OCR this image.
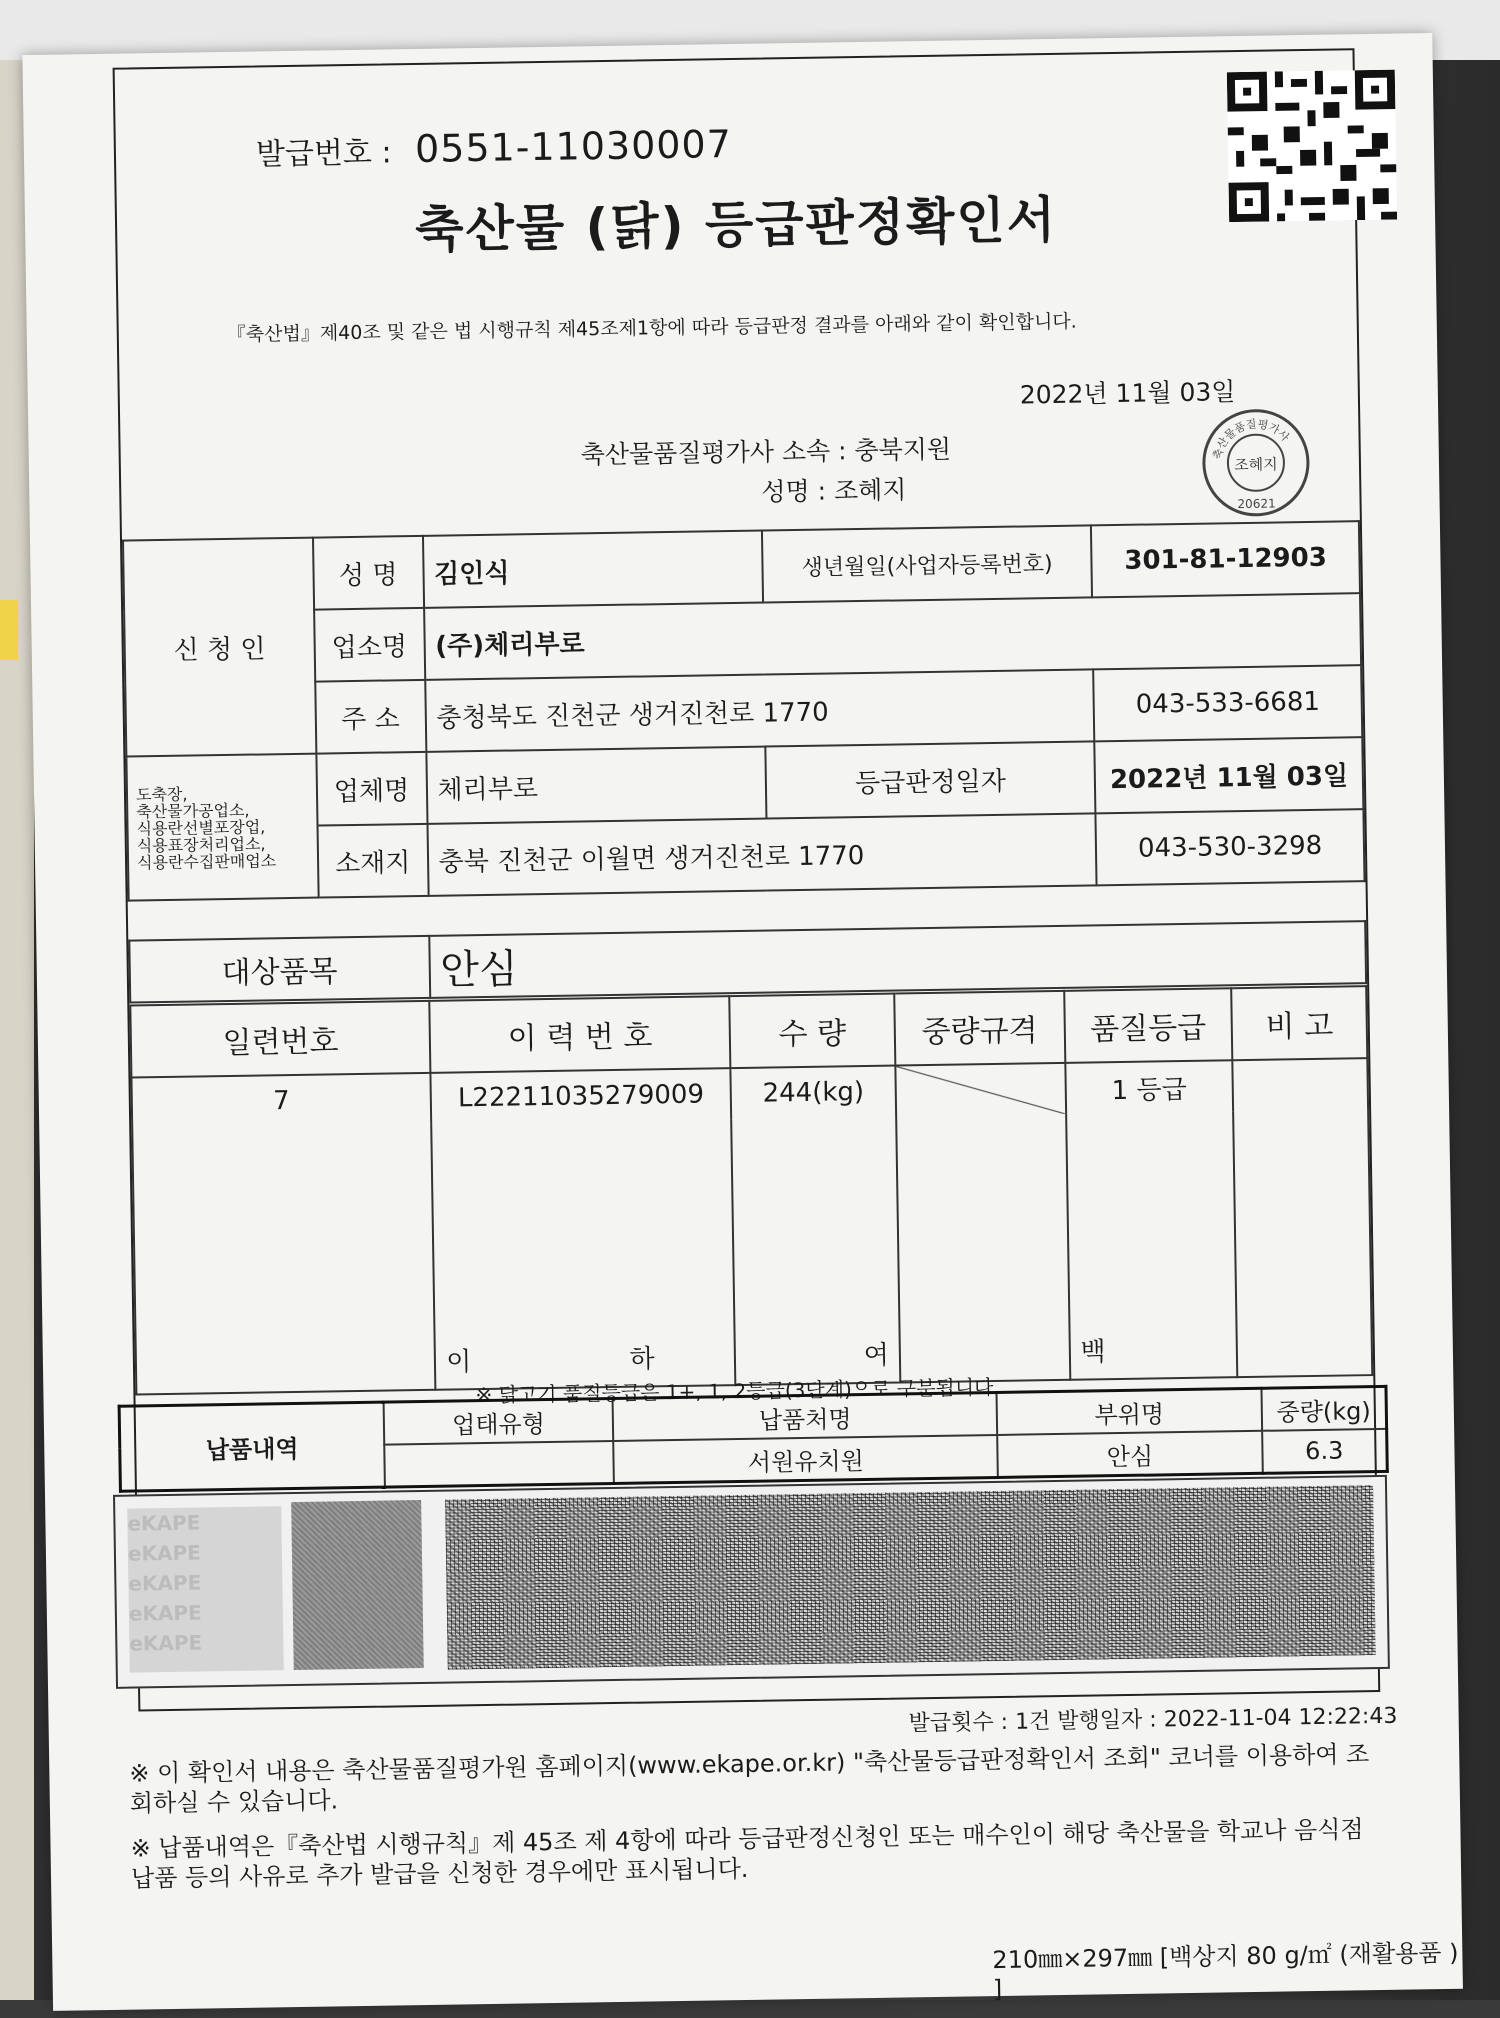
발급번호 : 0551-11030007
축산물 (닭) 등급판정확인서
『축산법』제40조 및 같은 법 시행규칙 제45조제1항에 따라 등급판정 결과를 아래와 같이 확인합니다.
2022년 11월 03일
축산물품질평가사 소속 : 충북지원
성명 : 조혜지
축산물품질평가사
조혜지
20621
신 청 인	성 명	김인식	생년월일(사업자등록번호)	301-81-12903
	업소명	(주)체리부로		
	주 소	충청북도 진천군 생거진천로 1770		043-533-6681
도축장,
축산물가공업소,
식용란선별포장업,
식용표장처리업소,
식용란수집판매업소	업체명	체리부로	등급판정일자	2022년 11월 03일
	소재지	충북 진천군 이월면 생거진천로 1770		043-530-3298
대상품목	안심
일련번호	이 력 번 호	수 량	중량규격	품질등급	비 고
7	L22211035279009	244(kg)		1 등급	
	이 하	여		백	
※ 닭고기 품질등급은 1+, 1, 2등급(3단계)으로 구분됩니다.
납품내역	업태유형	납품처명	부위명	중량(kg)
		서원유치원	안심	6.3
eKAPE
eKAPE
eKAPE
eKAPE
eKAPE
발급횟수 : 1건 발행일자 : 2022-11-04 12:22:43
※ 이 확인서 내용은 축산물품질평가원 홈페이지(www.ekape.or.kr) "축산물등급판정확인서 조회" 코너를 이용하여 조회하실 수 있습니다.
※ 납품내역은『축산법 시행규칙』제 45조 제 4항에 따라 등급판정신청인 또는 매수인이 해당 축산물을 학교나 음식점 납품 등의 사유로 추가 발급을 신청한 경우에만 표시됩니다.
210㎜×297㎜ [백상지 80 g/㎡ (재활용품 ) ]
